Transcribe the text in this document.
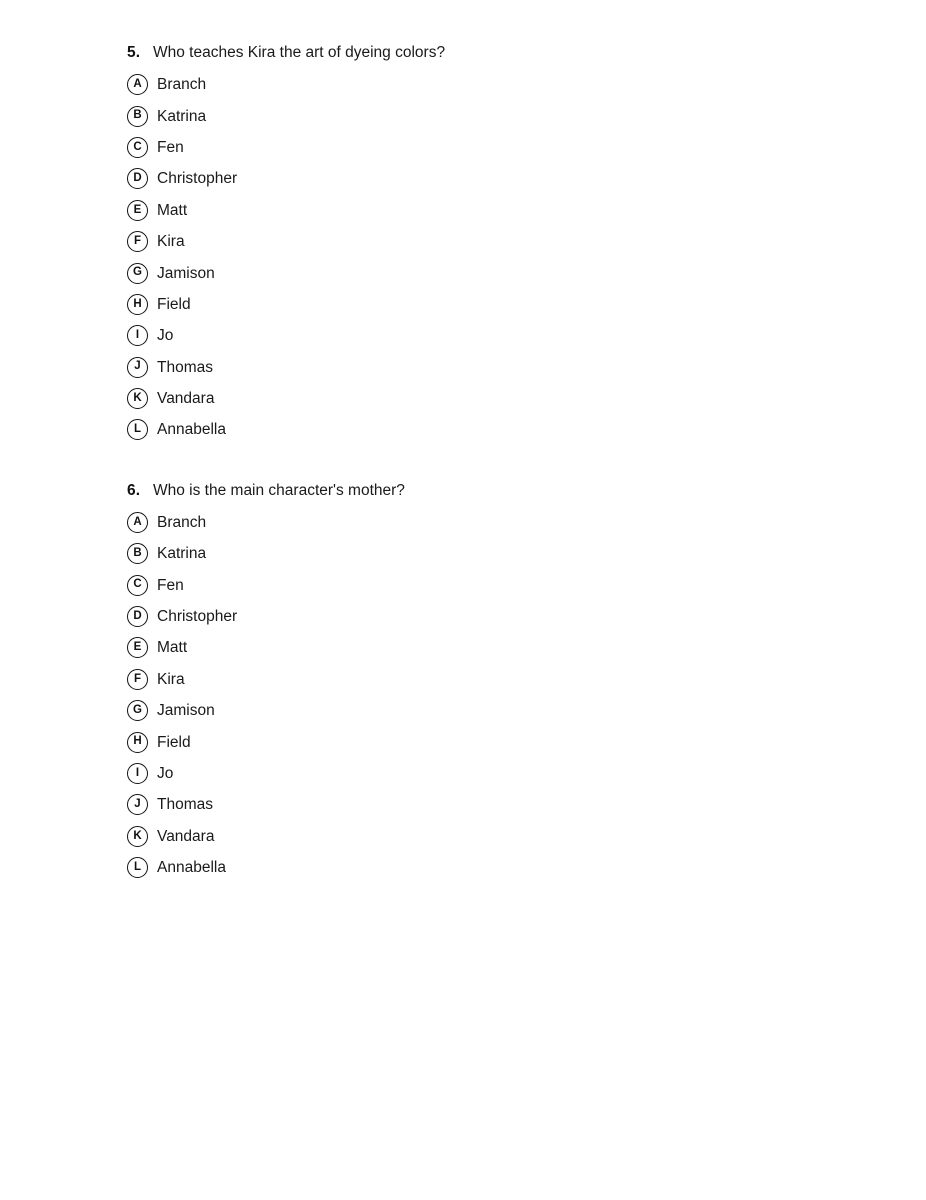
5. Who teaches Kira the art of dyeing colors?
A Branch
B Katrina
C Fen
D Christopher
E	Matt
F	Kira
G Jamison
H Field
I	Jo
J	Thomas
K Vandara
L	Annabella
6. Who is the main character's mother?
A Branch
B Katrina
C Fen
D Christopher
E	Matt
F	Kira
G Jamison
H Field
I	Jo
J	Thomas
K Vandara
L	Annabella
